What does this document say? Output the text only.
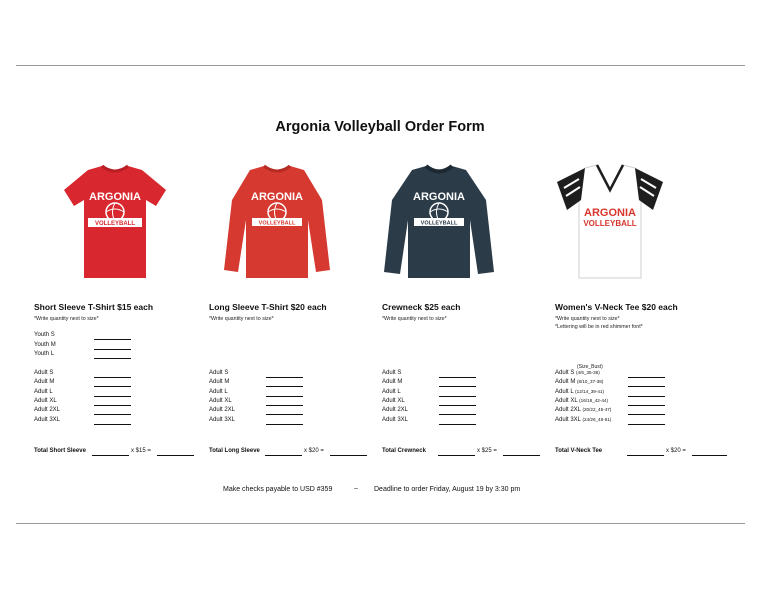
Argonia Volleyball Order Form
ARGONIA
VOLLEYBALL
Short Sleeve T-Shirt $15 each
*Write quantity next to size*
Youth S
Youth M
Youth L
Adult S
Adult M
Adult L
Adult XL
Adult 2XL
Adult 3XL
Total Short Sleeve	x $15 =
ARGONIA
VOLLEYBALL
Long Sleeve T-Shirt $20 each
*Write quantity next to size*
Adult S
Adult M
Adult L
Adult XL
Adult 2XL
Adult 3XL
Total Long Sleeve	x $20 =
ARGONIA
VOLLEYBALL
Crewneck $25 each
*Write quantity next to size*
Adult S
Adult M
Adult L
Adult XL
Adult 2XL
Adult 3XL
Total Crewneck	x $25 =
ARGONIA
VOLLEYBALL
Women's V-Neck Tee $20 each
*Write quantity next to size*
*Lettering will be in red shimmer font*
(Size_Bust)
Adult S (4/6_35-36)
Adult M (8/10_37-38)
Adult L (12/14_39-41)
Adult XL (16/18_42-44)
Adult 2XL (20/22_45-47)
Adult 3XL (24/26_48-51)
Total V-Neck Tee	x $20 =
Make checks payable to USD #359	~ Deadline to order Friday, August 19 by 3:30 pm
